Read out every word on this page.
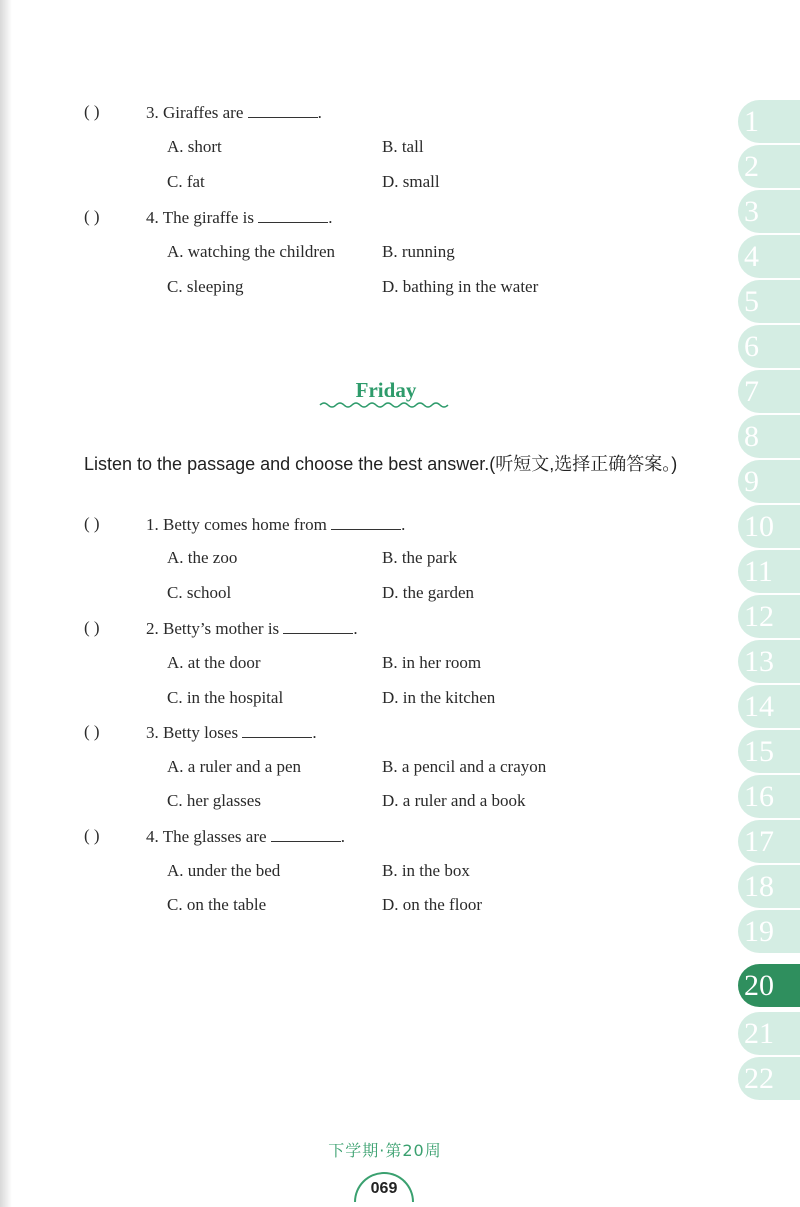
( )	3. Giraffes are	.
A. short	B. tall
C. fat	D. small
( )	4. The giraffe is	.
A. watching the children	B. running
C. sleeping	D. bathing in the water
Friday
Listen to the passage and choose the best answer.(听短文,选择正确答案。)
( )	1. Betty comes home from	.
A. the zoo	B. the park
C. school	D. the garden
( )	2. Betty’s mother is	.
A. at the door	B. in her room
C. in the hospital	D. in the kitchen
( )	3. Betty loses	.
A. a ruler and a pen	B. a pencil and a crayon
C. her glasses	D. a ruler and a book
( )	4. The glasses are	.
A. under the bed	B. in the box
C. on the table	D. on the floor
1
2
3
4
5
6
7
8
9
10
11
12
13
14
15
16
17
18
19
20
21
22
下学期·第20周
069
